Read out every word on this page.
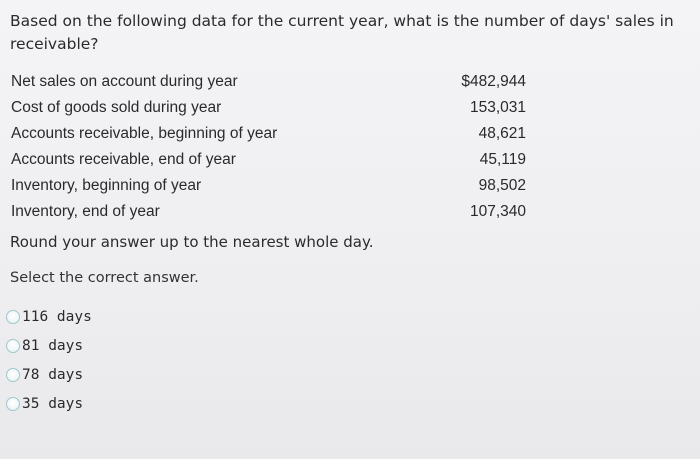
Based on the following data for the current year, what is the number of days' sales in receivable?
Net sales on account during year	$482,944
Cost of goods sold during year	153,031
Accounts receivable, beginning of year	48,621
Accounts receivable, end of year	45,119
Inventory, beginning of year	98,502
Inventory, end of year	107,340
Round your answer up to the nearest whole day.
Select the correct answer.
116 days
81 days
78 days
35 days
